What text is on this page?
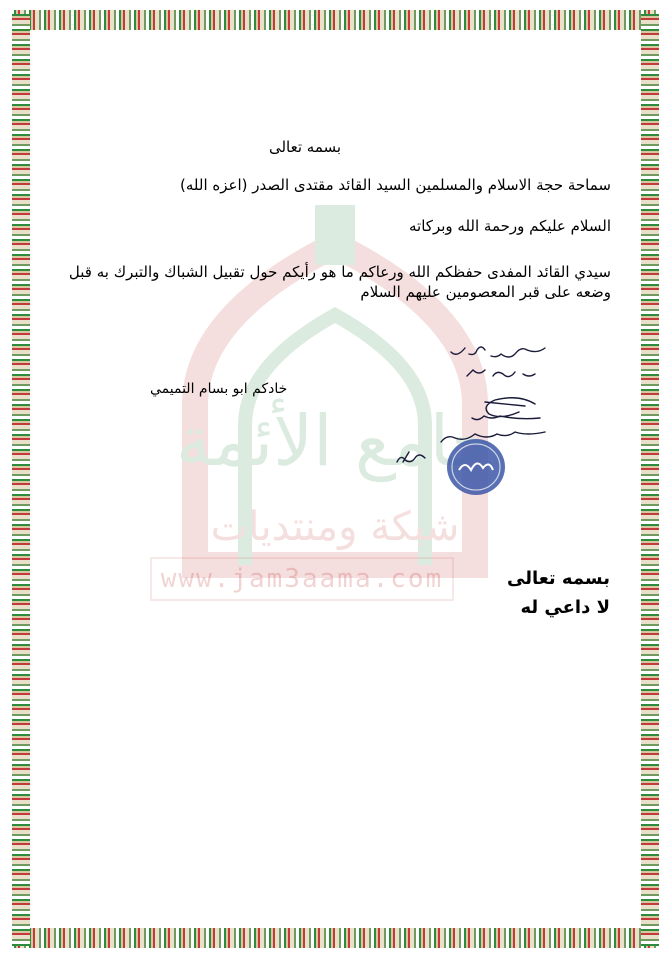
جامع الأئمة
شبكة ومنتديات
www.jam3aama.com
بسمه تعالى
سماحة حجة الاسلام والمسلمين السيد القائد مقتدى الصدر (اعزه الله)
السلام عليكم ورحمة الله وبركاته
سيدي القائد المفدى حفظكم الله ورعاكم ما هو رأيكم حول تقبيل الشباك والتبرك به قبل وضعه على قبر المعصومين عليهم السلام
خادكم ابو بسام التميمي
بسمه تعالى
لا داعي له
